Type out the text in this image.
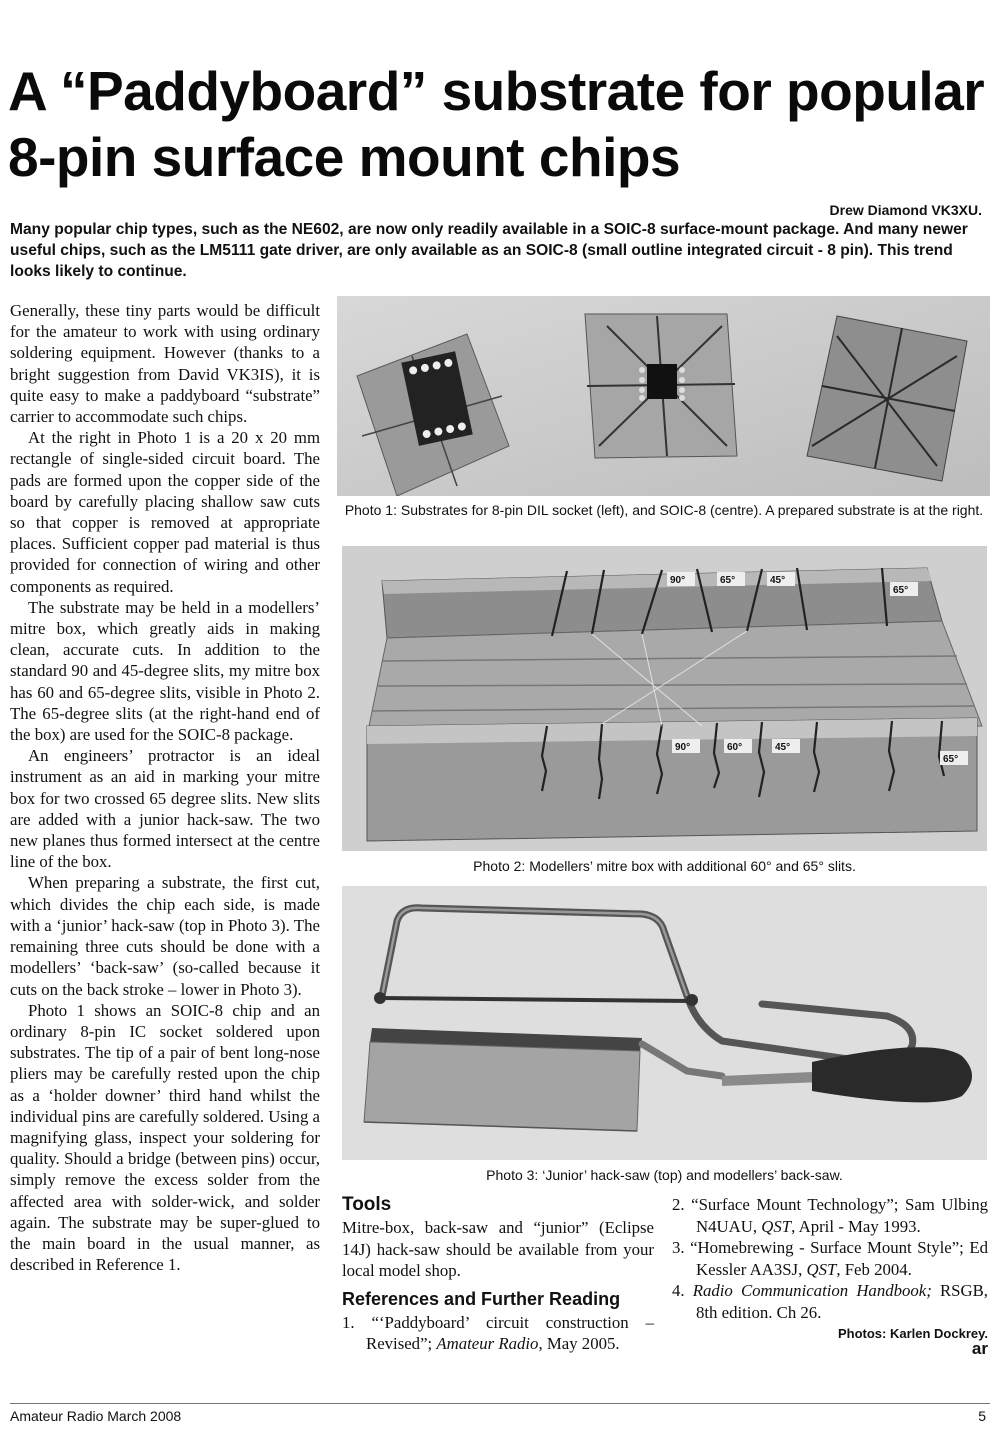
A “Paddyboard” substrate for popular 8-pin surface mount chips
Drew Diamond VK3XU.

Many popular chip types, such as the NE602, are now only readily available in a SOIC-8 surface-mount package. And many newer useful chips, such as the LM5111 gate driver, are only available as an SOIC-8 (small outline integrated circuit - 8 pin). This trend looks likely to continue.

Generally, these tiny parts would be difficult for the amateur to work with using ordinary soldering equipment. However (thanks to a bright suggestion from David VK3IS), it is quite easy to make a paddyboard “substrate” carrier to accommodate such chips.

At the right in Photo 1 is a 20 x 20 mm rectangle of single-sided circuit board. The pads are formed upon the copper side of the board by carefully placing shallow saw cuts so that copper is removed at appropriate places. Sufficient copper pad material is thus provided for connection of wiring and other components as required.

The substrate may be held in a modellers’ mitre box, which greatly aids in making clean, accurate cuts. In addition to the standard 90 and 45-degree slits, my mitre box has 60 and 65-degree slits, visible in Photo 2. The 65-degree slits (at the right-hand end of the box) are used for the SOIC-8 package.

An engineers’ protractor is an ideal instrument as an aid in marking your mitre box for two crossed 65 degree slits. New slits are added with a junior hack-saw. The two new planes thus formed intersect at the centre line of the box.

When preparing a substrate, the first cut, which divides the chip each side, is made with a ‘junior’ hack-saw (top in Photo 3). The remaining three cuts should be done with a modellers’ ‘back-saw’ (so-called because it cuts on the back stroke – lower in Photo 3).

Photo 1 shows an SOIC-8 chip and an ordinary 8-pin IC socket soldered upon substrates. The tip of a pair of bent long-nose pliers may be carefully rested upon the chip as a ‘holder downer’ third hand whilst the individual pins are carefully soldered. Using a magnifying glass, inspect your soldering for quality. Should a bridge (between pins) occur, simply remove the excess solder from the affected area with solder-wick, and solder again. The substrate may be super-glued to the main board in the usual manner, as described in Reference 1.

Photo 1: Substrates for 8-pin DIL socket (left), and SOIC-8 (centre). A prepared substrate is at the right.
90°	65°	45°
65°
90°	60°	45°
65°
Photo 2: Modellers’ mitre box with additional 60° and 65° slits.
Photo 3: ‘Junior’ hack-saw (top) and modellers’ back-saw.
Tools

Mitre-box, back-saw and “junior” (Eclipse 14J) hack-saw should be available from your local model shop.

References and Further Reading

1. “‘Paddyboard’ circuit construction – Revised”; Amateur Radio, May 2005.

2. “Surface Mount Technology”; Sam Ulbing N4UAU, QST, April - May 1993.

3. “Homebrewing - Surface Mount Style”; Ed Kessler AA3SJ, QST, Feb 2004.

4. Radio Communication Handbook; RSGB, 8th edition. Ch 26.

Photos: Karlen Dockrey.
ar
Amateur Radio March 2008	5
